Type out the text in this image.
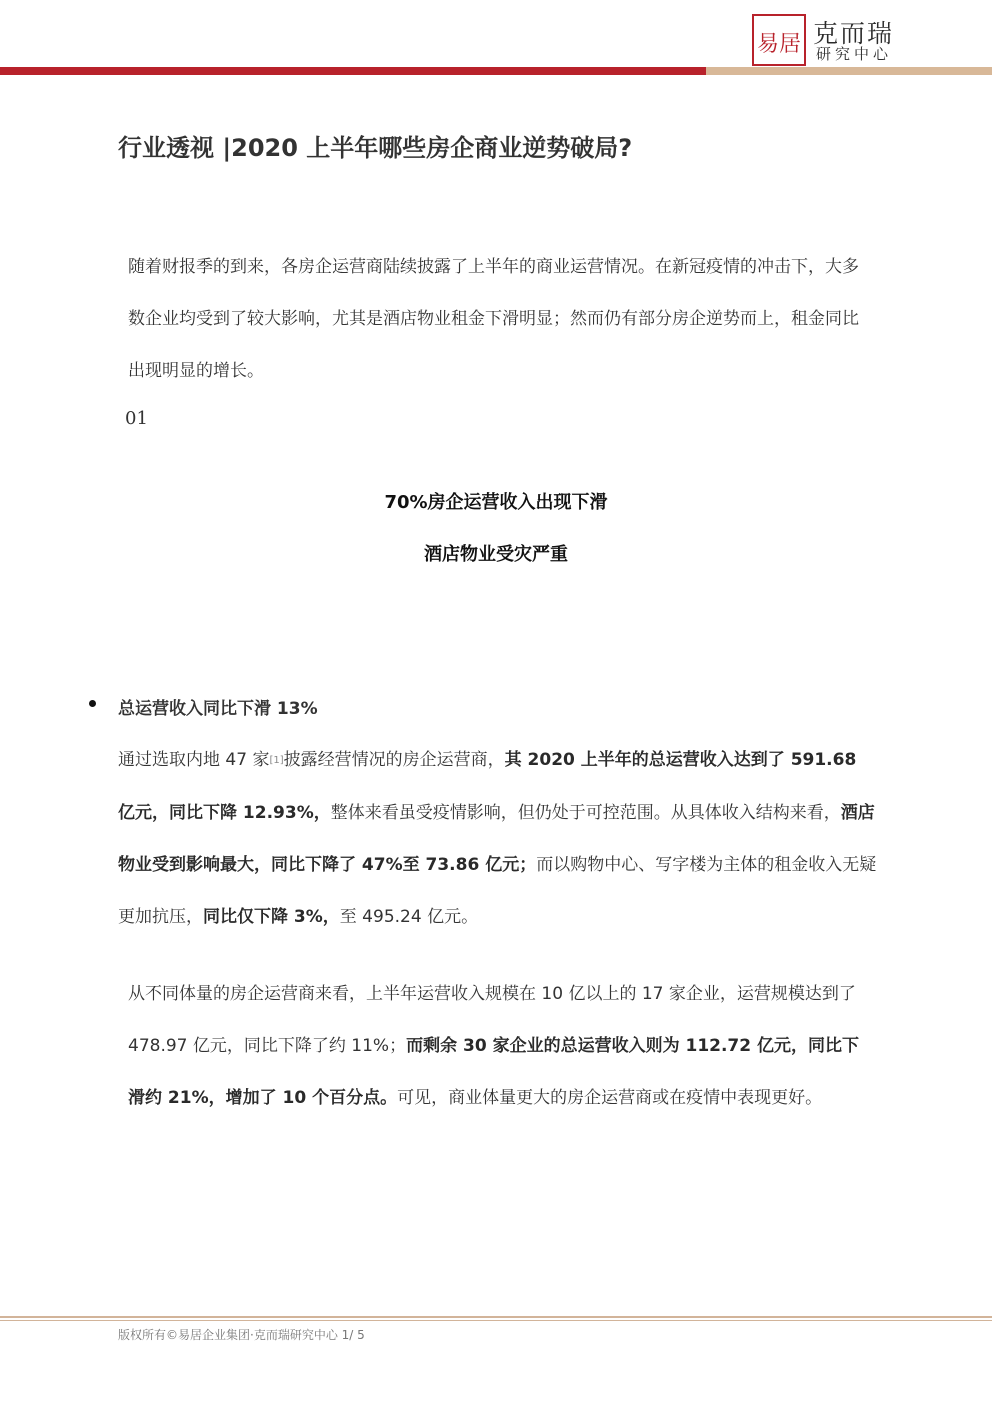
易居 克而瑞
研究中心
行业透视 |2020 上半年哪些房企商业逆势破局?

随着财报季的到来，各房企运营商陆续披露了上半年的商业运营情况。在新冠疫情的冲击下，大多数企业均受到了较大影响，尤其是酒店物业租金下滑明显；然而仍有部分房企逆势而上，租金同比出现明显的增长。

01
70%房企运营收入出现下滑
酒店物业受灾严重
总运营收入同比下滑 13%

通过选取内地 47 家[1]披露经营情况的房企运营商，其 2020 上半年的总运营收入达到了 591.68 亿元，同比下降 12.93%，整体来看虽受疫情影响，但仍处于可控范围。从具体收入结构来看，酒店物业受到影响最大，同比下降了 47%至 73.86 亿元；而以购物中心、写字楼为主体的租金收入无疑更加抗压，同比仅下降 3%，至 495.24 亿元。

从不同体量的房企运营商来看，上半年运营收入规模在 10 亿以上的 17 家企业，运营规模达到了 478.97 亿元，同比下降了约 11%；而剩余 30 家企业的总运营收入则为 112.72 亿元，同比下滑约 21%，增加了 10 个百分点。可见，商业体量更大的房企运营商或在疫情中表现更好。

版权所有©易居企业集团·克而瑞研究中心 1/ 5
